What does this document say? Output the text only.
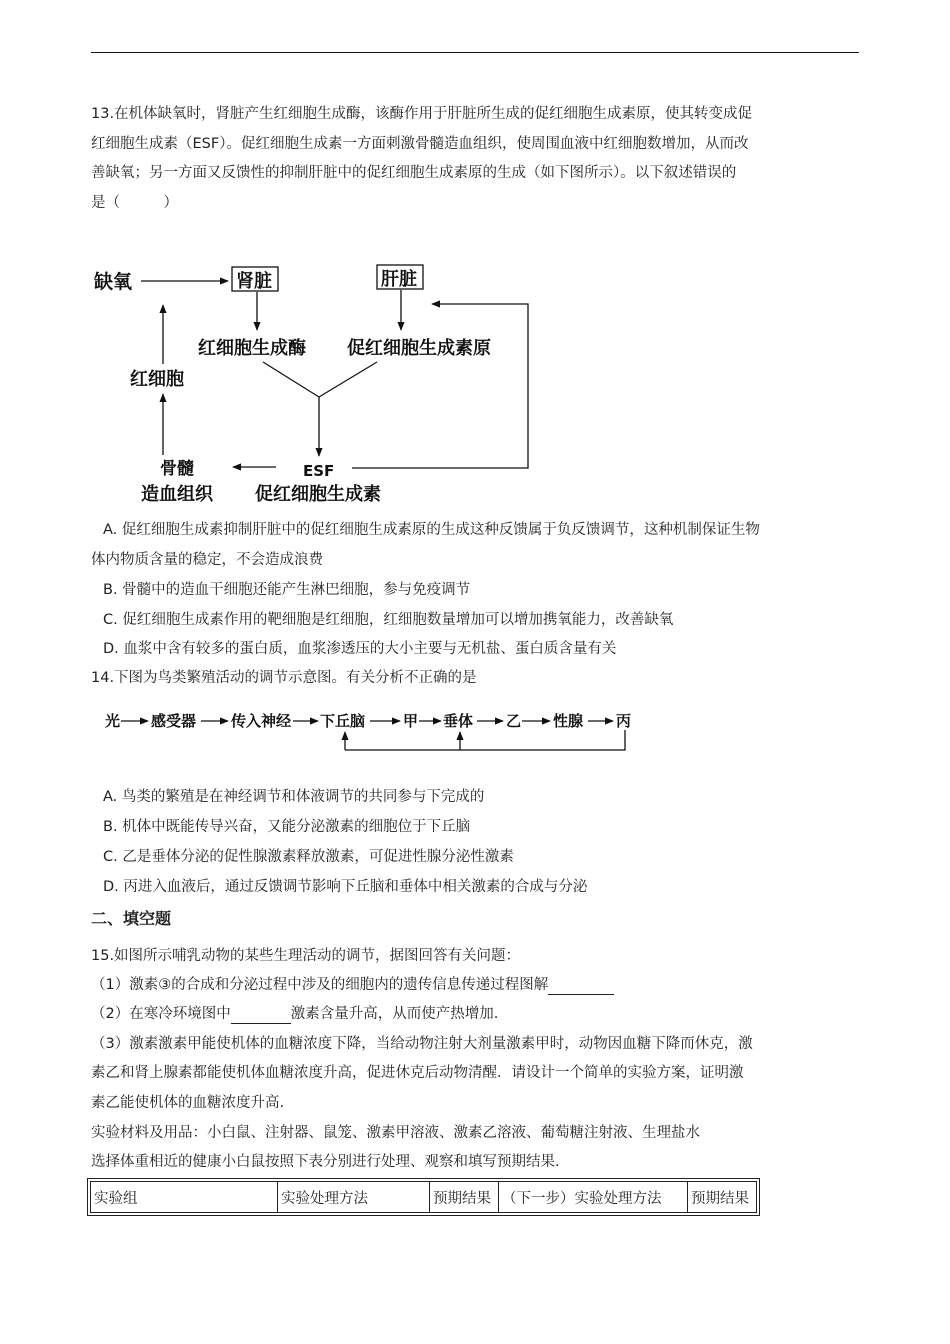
13.在机体缺氧时，肾脏产生红细胞生成酶，该酶作用于肝脏所生成的促红细胞生成素原，使其转变成促
红细胞生成素（ESF）。促红细胞生成素一方面刺激骨髓造血组织，使周围血液中红细胞数增加，从而改
善缺氧；另一方面又反馈性的抑制肝脏中的促红细胞生成素原的生成（如下图所示）。以下叙述错误的
是（　　　）
缺氧	肾脏	肝脏
红细胞生成酶 促红细胞生成素原
红细胞
骨髓
造血组织
ESF
促红细胞生成素
光 感受器 传入神经 下丘脑	甲 垂体 乙 性腺 丙
A. 促红细胞生成素抑制肝脏中的促红细胞生成素原的生成这种反馈属于负反馈调节，这种机制保证生物
体内物质含量的稳定，不会造成浪费
B. 骨髓中的造血干细胞还能产生淋巴细胞，参与免疫调节
C. 促红细胞生成素作用的靶细胞是红细胞，红细胞数量增加可以增加携氧能力，改善缺氧
D. 血浆中含有较多的蛋白质，血浆渗透压的大小主要与无机盐、蛋白质含量有关
14.下图为鸟类繁殖活动的调节示意图。有关分析不正确的是
A. 鸟类的繁殖是在神经调节和体液调节的共同参与下完成的
B. 机体中既能传导兴奋，又能分泌激素的细胞位于下丘脑
C. 乙是垂体分泌的促性腺激素释放激素，可促进性腺分泌性激素
D. 丙进入血液后，通过反馈调节影响下丘脑和垂体中相关激素的合成与分泌
二、填空题
15.如图所示哺乳动物的某些生理活动的调节，据图回答有关问题：
（1）激素③的合成和分泌过程中涉及的细胞内的遗传信息传递过程图解
（2）在寒冷环境图中	激素含量升高，从而使产热增加.
（3）激素激素甲能使机体的血糖浓度下降，当给动物注射大剂量激素甲时，动物因血糖下降而休克，激
素乙和肾上腺素都能使机体血糖浓度升高，促进休克后动物清醒．请设计一个简单的实验方案，证明激
素乙能使机体的血糖浓度升高.
实验材料及用品：小白鼠、注射器、鼠笼、激素甲溶液、激素乙溶液、葡萄糖注射液、生理盐水
选择体重相近的健康小白鼠按照下表分别进行处理、观察和填写预期结果.
实验组	实验处理方法	预期结果	（下一步）实验处理方法	预期结果
